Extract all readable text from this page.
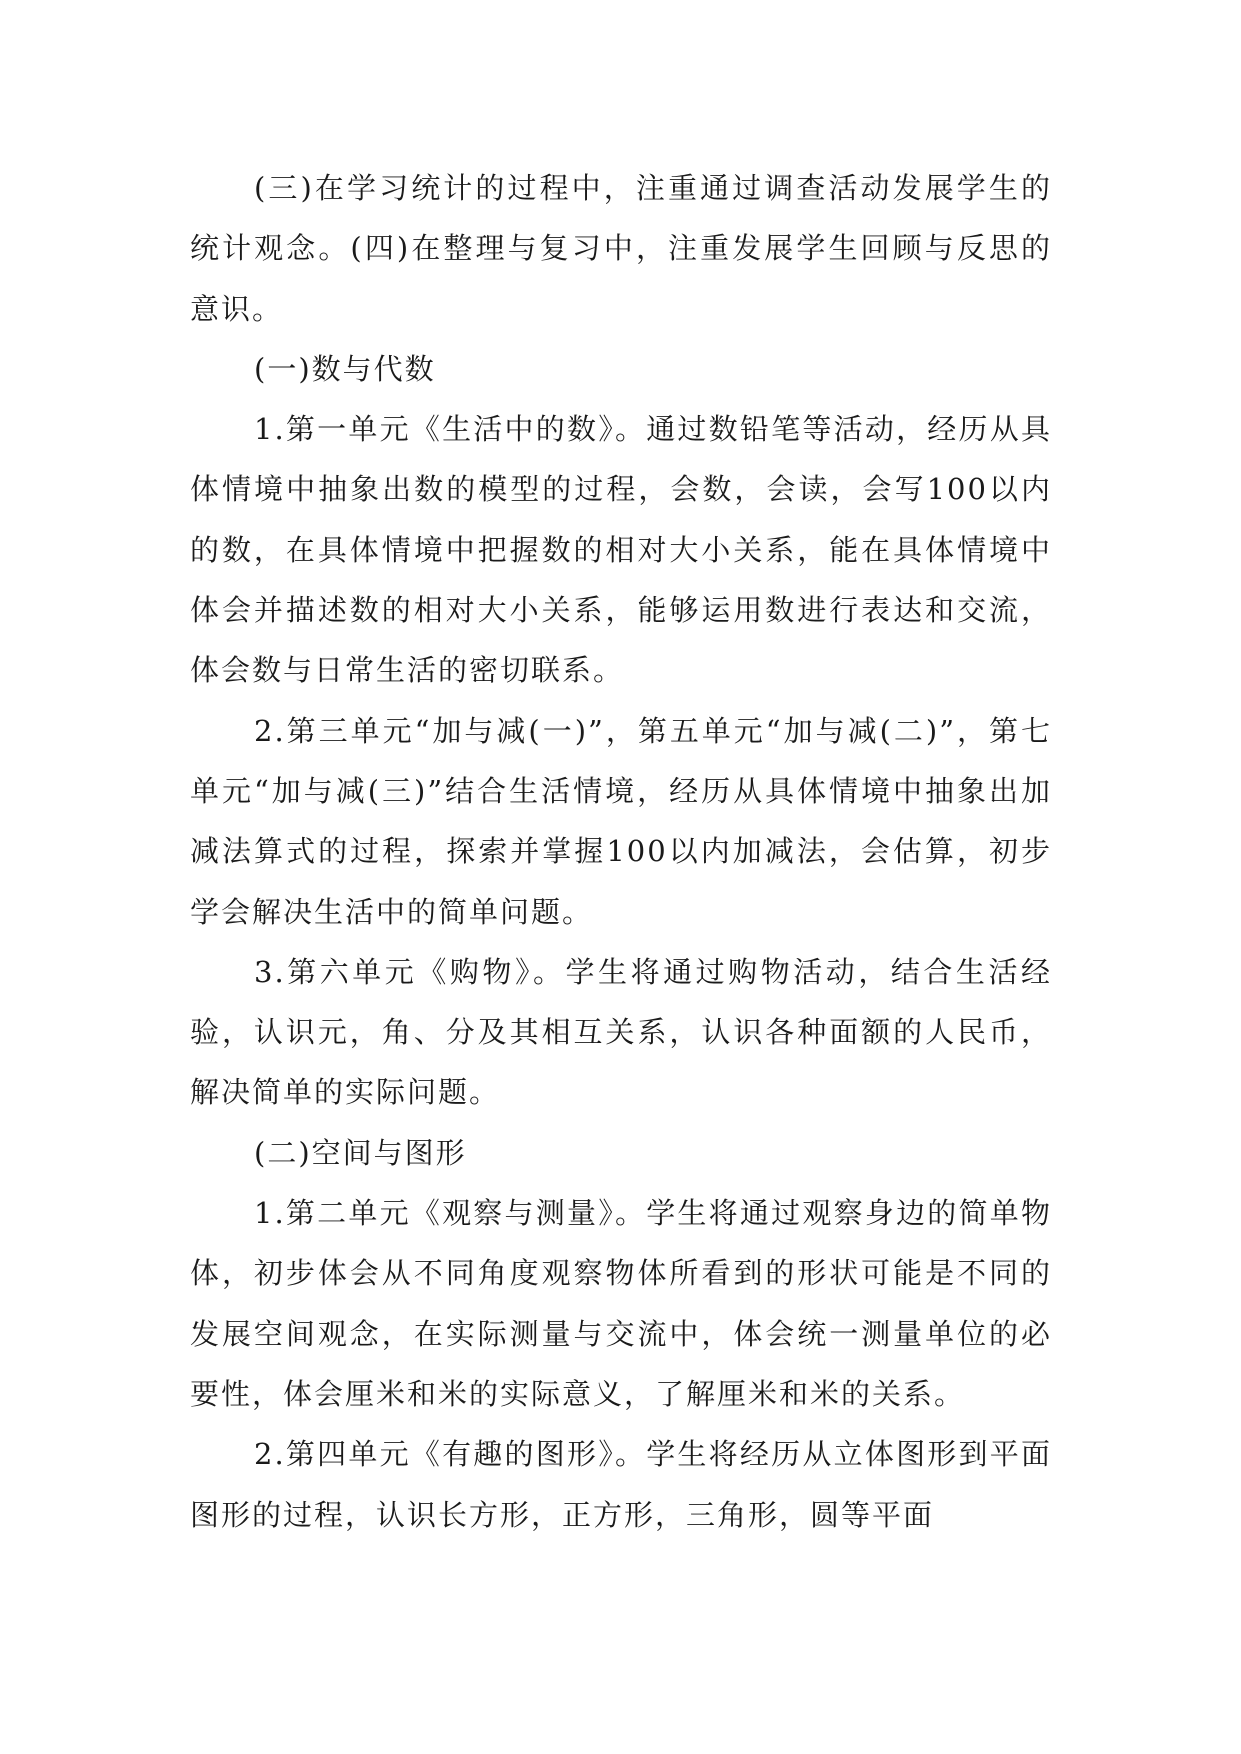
(三)在学习统计的过程中，注重通过调查活动发展学生的统计观念。(四)在整理与复习中，注重发展学生回顾与反思的意识。

(一)数与代数

1.第一单元《生活中的数》。通过数铅笔等活动，经历从具体情境中抽象出数的模型的过程，会数，会读，会写100以内的数，在具体情境中把握数的相对大小关系，能在具体情境中体会并描述数的相对大小关系，能够运用数进行表达和交流，体会数与日常生活的密切联系。

2.第三单元“加与减(一)”，第五单元“加与减(二)”，第七单元“加与减(三)”结合生活情境，经历从具体情境中抽象出加减法算式的过程，探索并掌握100以内加减法，会估算，初步学会解决生活中的简单问题。

3.第六单元《购物》。学生将通过购物活动，结合生活经验，认识元，角、分及其相互关系，认识各种面额的人民币，解决简单的实际问题。

(二)空间与图形

1.第二单元《观察与测量》。学生将通过观察身边的简单物体，初步体会从不同角度观察物体所看到的形状可能是不同的发展空间观念，在实际测量与交流中，体会统一测量单位的必要性，体会厘米和米的实际意义，了解厘米和米的关系。

2.第四单元《有趣的图形》。学生将经历从立体图形到平面图形的过程，认识长方形，正方形，三角形，圆等平面
